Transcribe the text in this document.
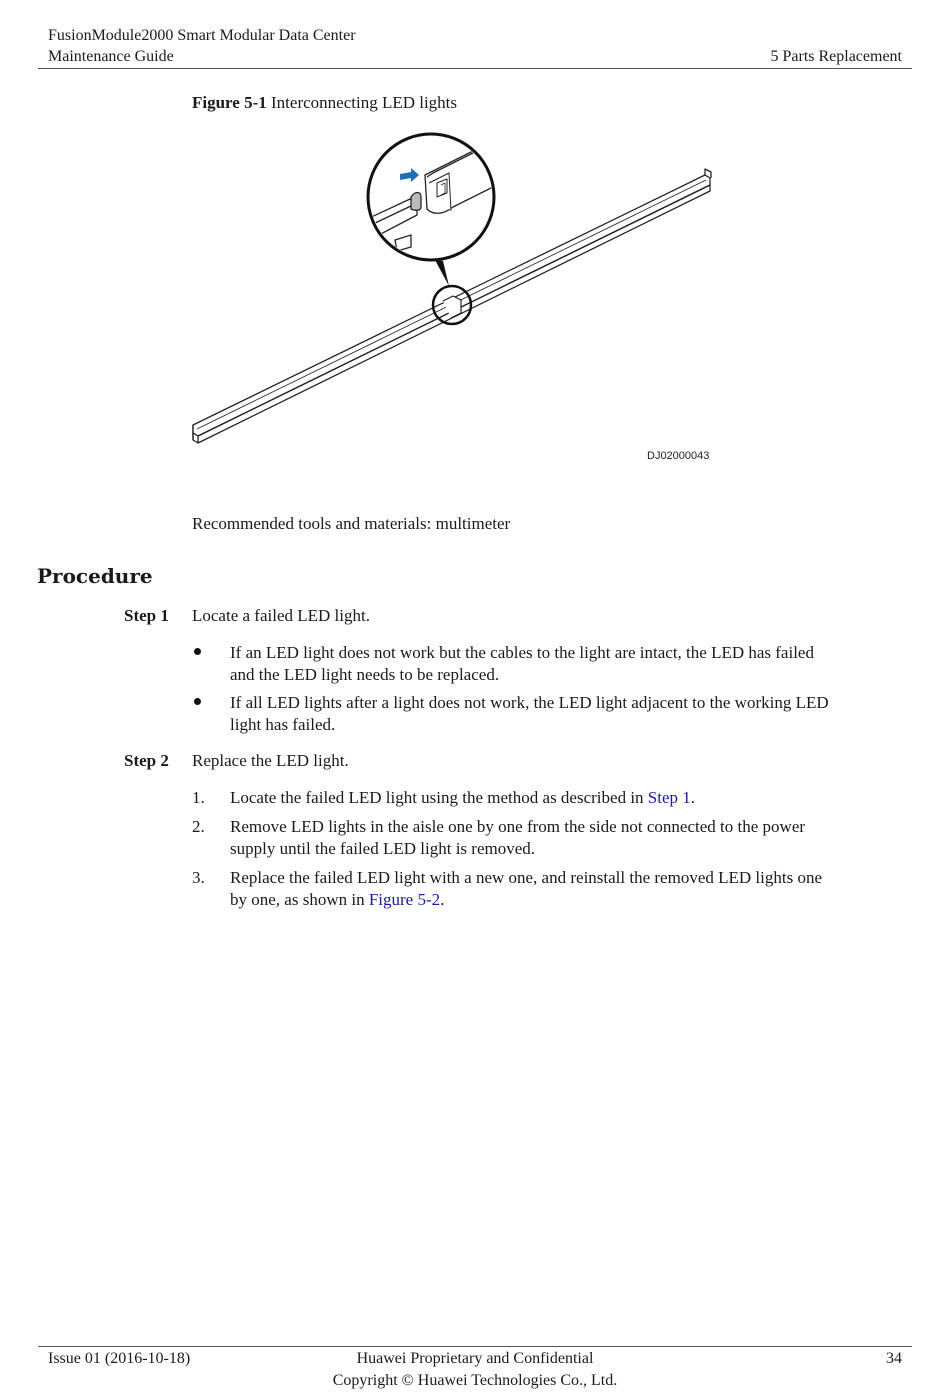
FusionModule2000 Smart Modular Data Center
Maintenance Guide	5 Parts Replacement
Figure 5-1 Interconnecting LED lights
DJ02000043
Recommended tools and materials: multimeter
Procedure
Step 1 Locate a failed LED light.
If an LED light does not work but the cables to the light are intact, the LED has failed
and the LED light needs to be replaced.
If all LED lights after a light does not work, the LED light adjacent to the working LED
light has failed.
Step 2 Replace the LED light.
1. Locate the failed LED light using the method as described in Step 1.
2. Remove LED lights in the aisle one by one from the side not connected to the power
supply until the failed LED light is removed.
3. Replace the failed LED light with a new one, and reinstall the removed LED lights one
by one, as shown in Figure 5-2.
Issue 01 (2016-10-18)	Huawei Proprietary and Confidential
Copyright © Huawei Technologies Co., Ltd.
34
